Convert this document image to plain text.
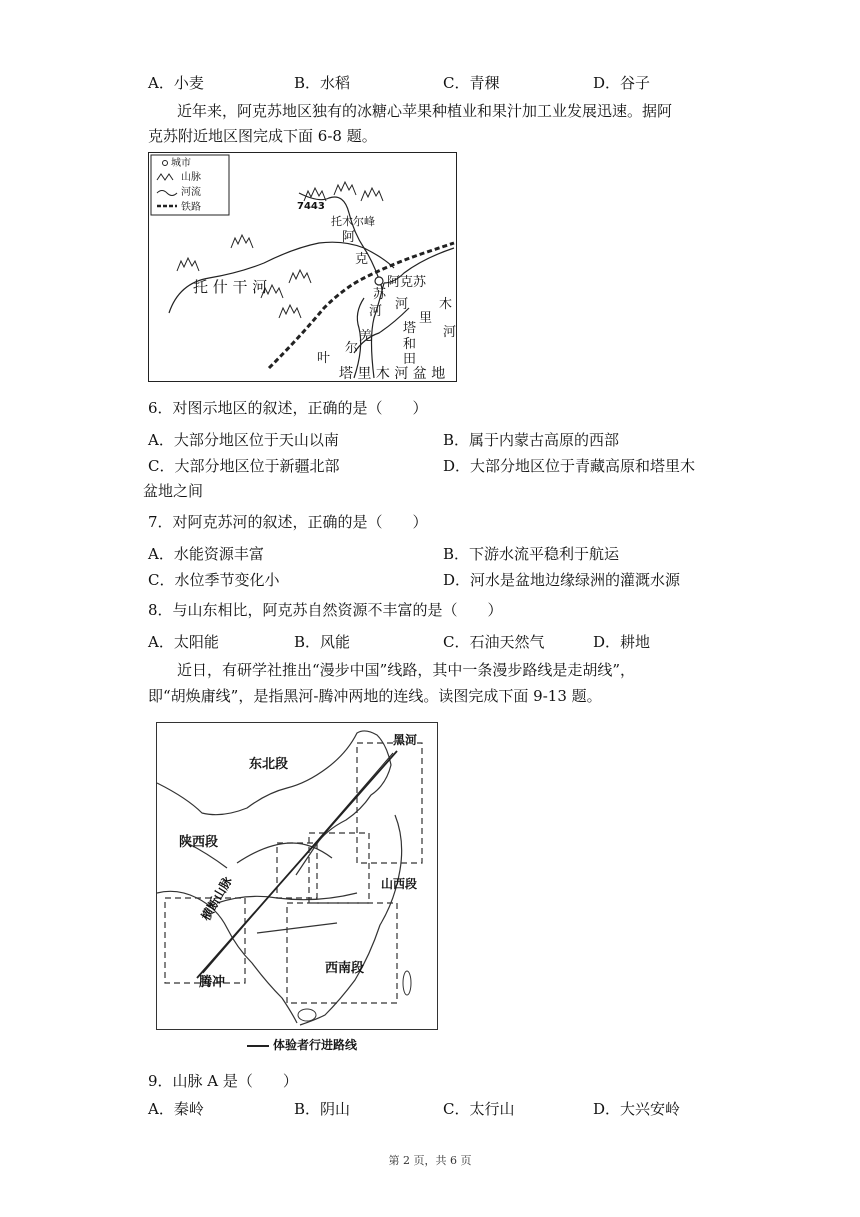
A．小麦	B．水稻	C．青稞	D．谷子
近年来，阿克苏地区独有的冰糖心苹果种植业和果汁加工业发展迅速。据阿
克苏附近地区图完成下面 6-8 题。
城市
山脉
河流
铁路	7443
托木尔峰
阿
克
阿克苏
苏
河
托 什 干 河
河
羌
尔
叶
塔
和
田
木
里
河
塔 里 木 河 盆 地
6．对图示地区的叙述，正确的是（　　）
A．大部分地区位于天山以南	B．属于内蒙古高原的西部
C．大部分地区位于新疆北部	D．大部分地区位于青藏高原和塔里木
盆地之间
7．对阿克苏河的叙述，正确的是（　　）
A．水能资源丰富	B．下游水流平稳利于航运
C．水位季节变化小	D．河水是盆地边缘绿洲的灌溉水源
8．与山东相比，阿克苏自然资源不丰富的是（　　）
A．太阳能	B．风能	C．石油天然气	D．耕地
近日，有研学社推出“漫步中国”线路，其中一条漫步路线是走胡线”，
即“胡焕庸线”，是指黑河-腾冲两地的连线。读图完成下面 9-13 题。
黑河
东北段
陕西段
山西段
西南段
横断山脉
腾冲
体验者行进路线
9．山脉 A 是（　　）
A．秦岭	B．阴山	C．太行山	D．大兴安岭
第 2 页，共 6 页
